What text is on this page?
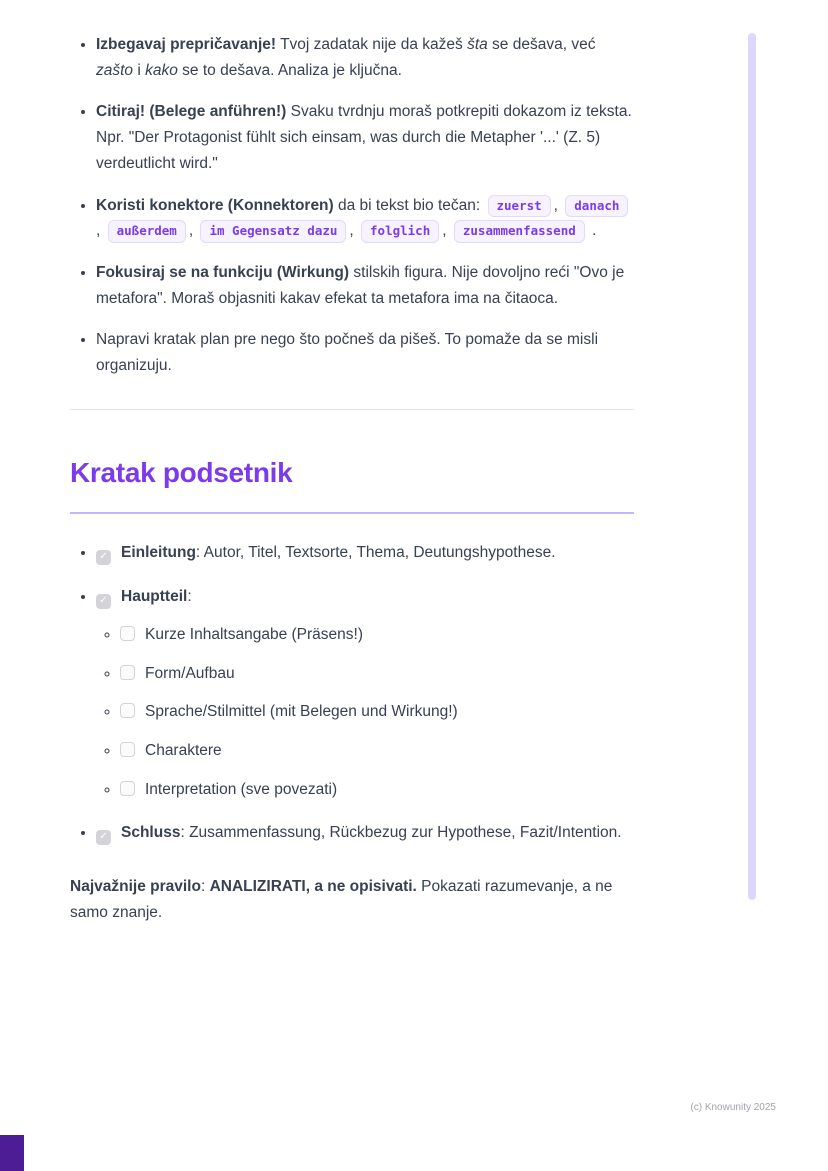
• Izbegavaj prepričavanje! Tvoj zadatak nije da kažeš šta se dešava, već zašto i kako se to dešava. Analiza je ključna.
• Citiraj! (Belege anführen!) Svaku tvrdnju moraš potkrepiti dokazom iz teksta. Npr. "Der Protagonist fühlt sich einsam, was durch die Metapher '...' (Z. 5) verdeutlicht wird."
• Koristi konektore (Konnektoren) da bi tekst bio tečan: zuerst , danach, außerdem , im Gegensatz dazu , folglich , zusammenfassend .
• Fokusiraj se na funkciju (Wirkung) stilskih figura. Nije dovoljno reći "Ovo je metafora". Moraš objasniti kakav efekat ta metafora ima na čitaoca.
• Napravi kratak plan pre nego što počneš da pišeš. To pomaže da se misli organizuju.
Kratak podsetnik
• ✓ Einleitung: Autor, Titel, Textsorte, Thema, Deutungshypothese.
• ✓ Hauptteil:
◦ Kurze Inhaltsangabe (Präsens!)
◦ Form/Aufbau
◦ Sprache/Stilmittel (mit Belegen und Wirkung!)
◦ Charaktere
◦ Interpretation (sve povezati)
• ✓ Schluss: Zusammenfassung, Rückbezug zur Hypothese, Fazit/Intention.

Najvažnije pravilo: ANALIZIRATI, a ne opisivati. Pokazati razumevanje, a ne samo znanje.

(c) Knowunity 2025
